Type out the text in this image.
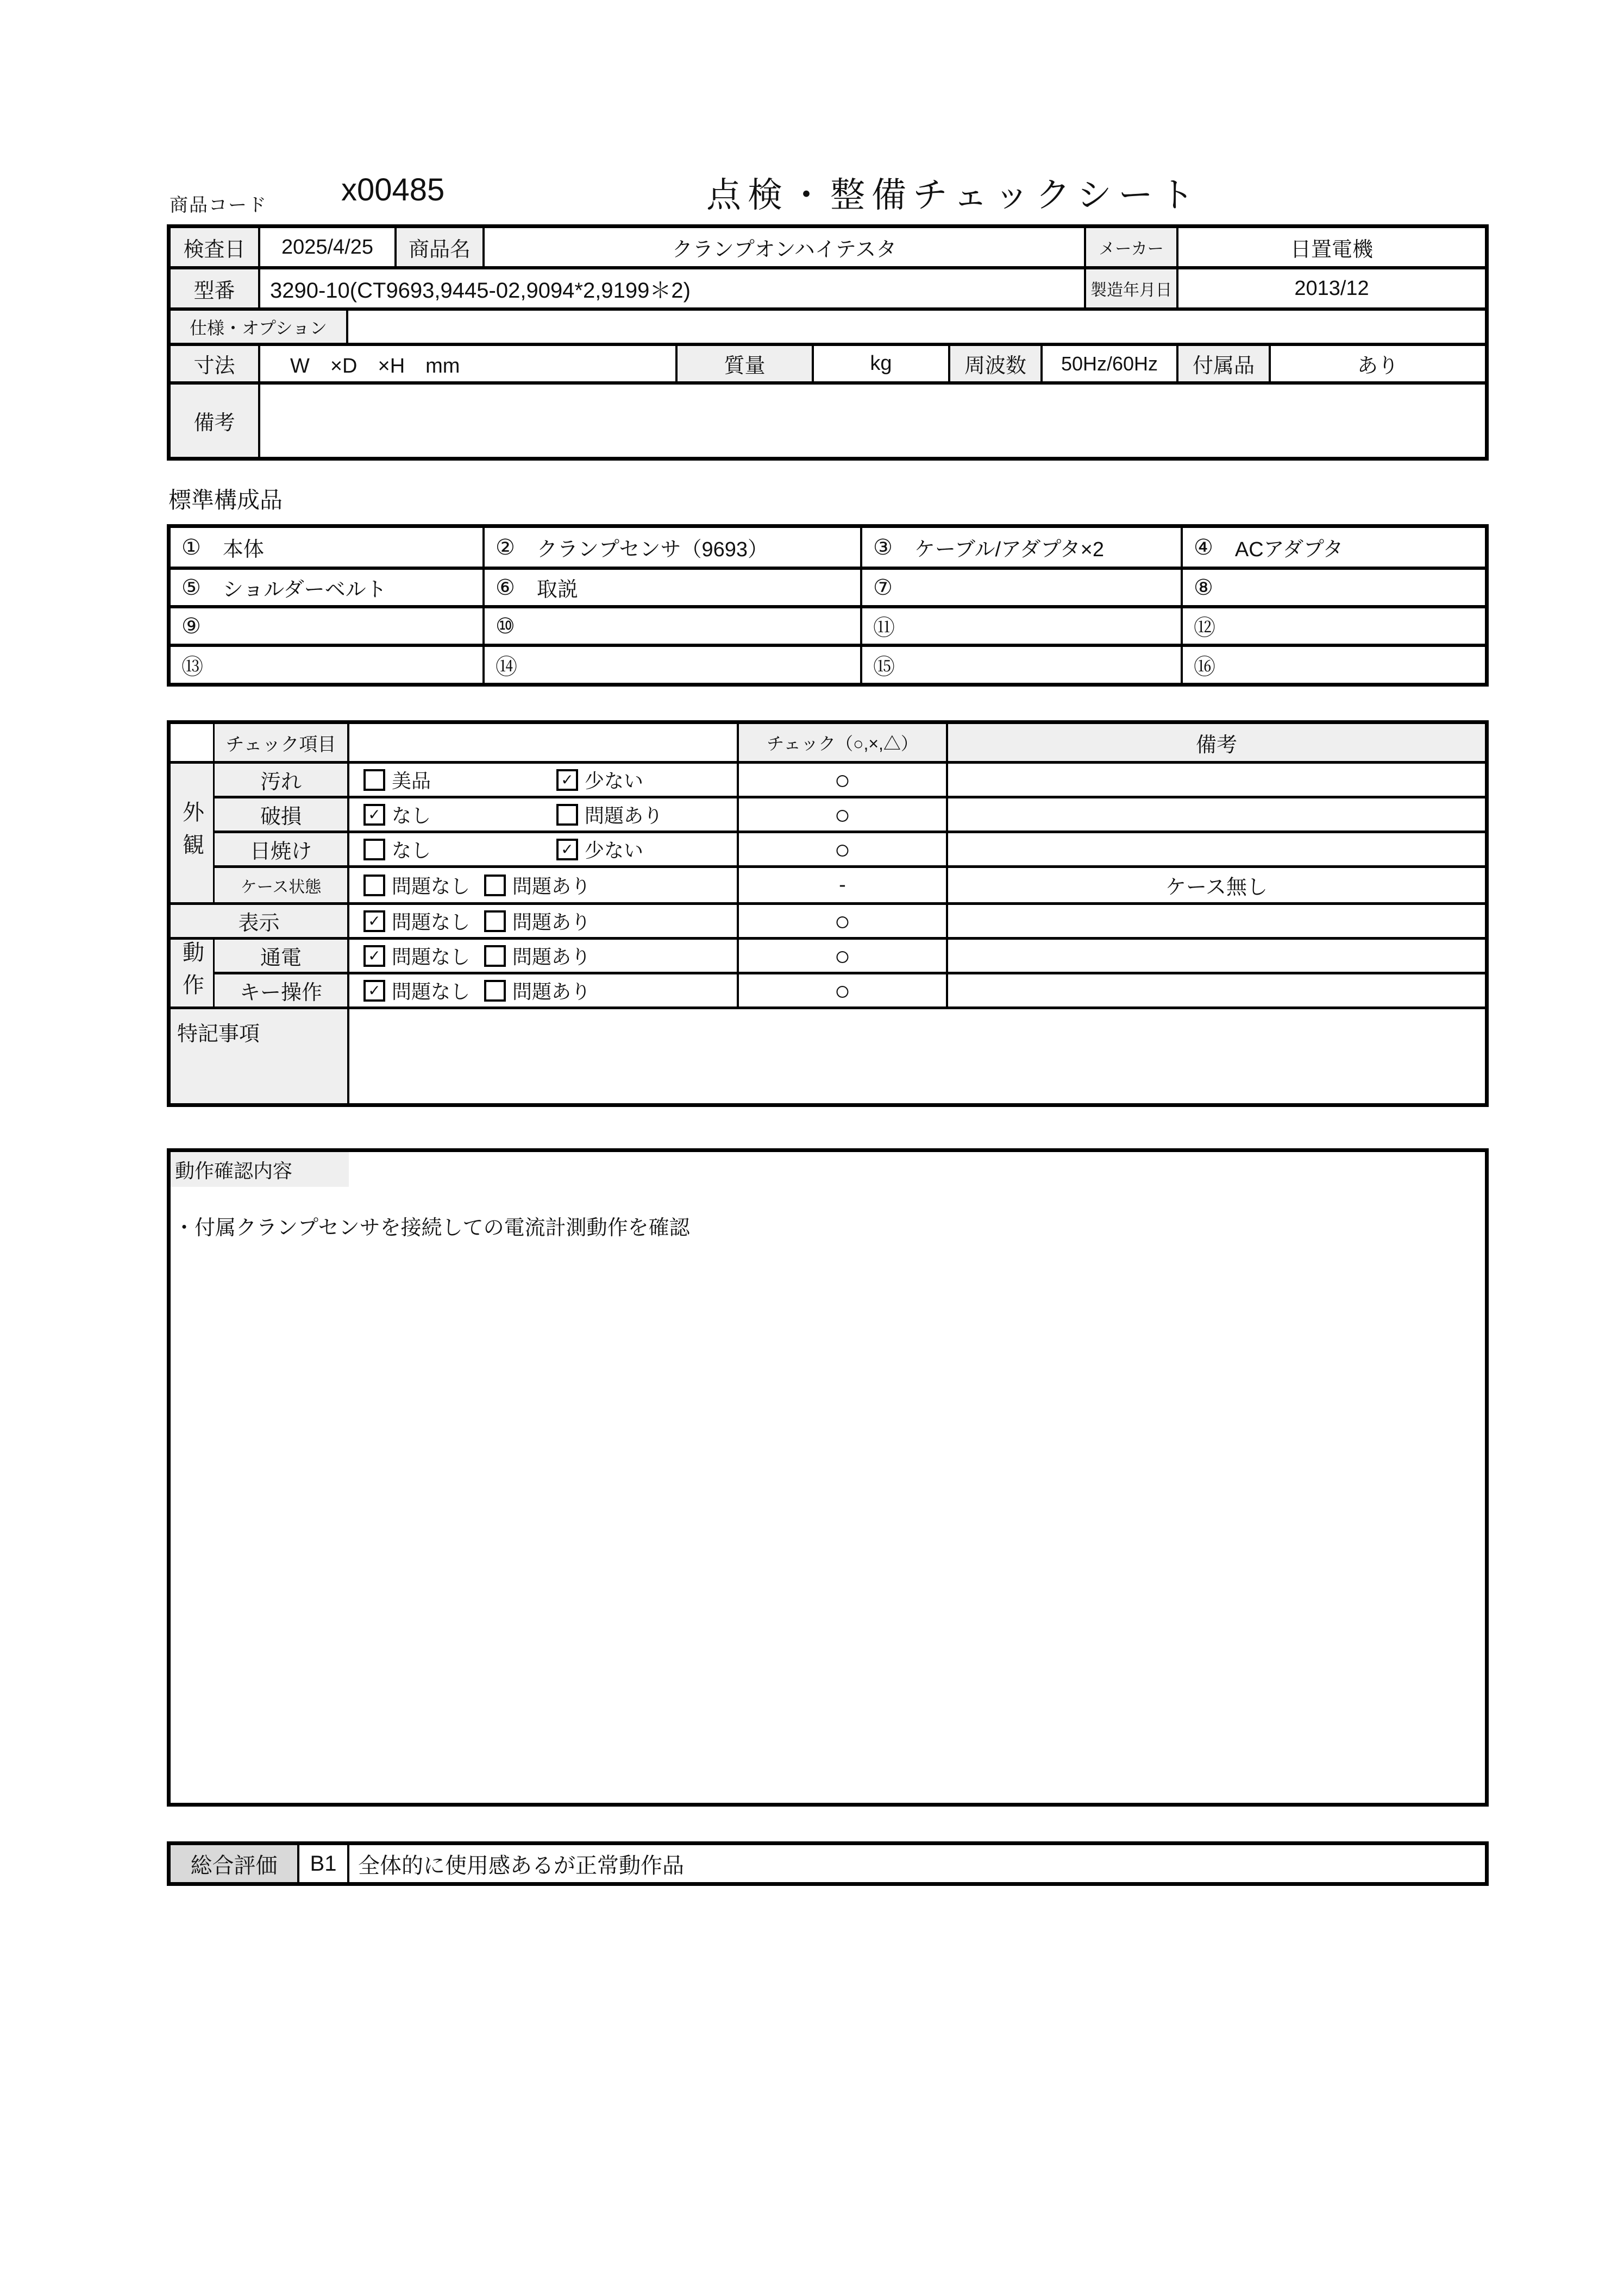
商品コード x00485	点検・整備チェックシート
検査日	2025/4/25	商品名	クランプオンハイテスタ	メーカー	日置電機
型番	3290-10(CT9693,9445-02,9094*2,9199＊2)	製造年月日	2013/12
仕様・オプション
寸法	W　×D　×H　mm	質量	kg	周波数	50Hz/60Hz	付属品	あり
備考
標準構成品
① 本体	② クランプセンサ（9693）	③ ケーブル/アダプタ×2	④ ACアダプタ
⑤ ショルダーベルト	⑥ 取説	⑦	⑧
⑨	⑩	⑪	⑫
⑬	⑭	⑮	⑯
チェック項目	チェック（○,×,△）	備考
外観
汚れ	美品	✓ 少ない	○
破損	✓ なし	問題あり	○
日焼け	なし	✓ 少ない	○
ケース状態	問題なし 問題あり	-	ケース無し
表示	✓ 問題なし 問題あり	○
動作	通電	✓ 問題なし 問題あり	○
キー操作	✓ 問題なし 問題あり	○
特記事項
動作確認内容
・付属クランプセンサを接続しての電流計測動作を確認
総合評価	B1 全体的に使用感あるが正常動作品
